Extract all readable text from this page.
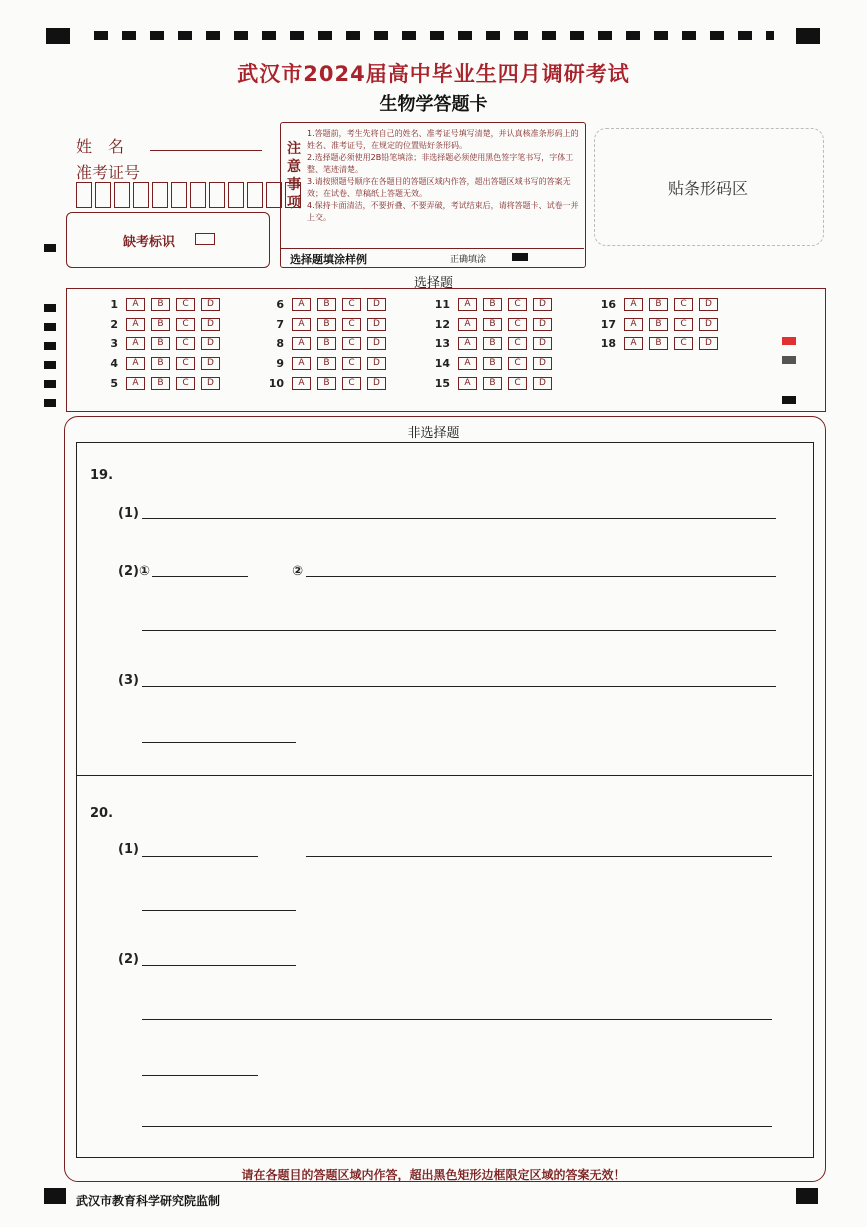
武汉市2024届高中毕业生四月调研考试
生物学答题卡
姓　名
准考证号
缺考标识
注意事项
1.答题前，考生先将自己的姓名、准考证号填写清楚，并认真核准条形码上的姓名、准考证号，在规定的位置贴好条形码。
2.选择题必须使用2B铅笔填涂；非选择题必须使用黑色签字笔书写，字体工整、笔迹清楚。
3.请按照题号顺序在各题目的答题区域内作答，超出答题区域书写的答案无效；在试卷、草稿纸上答题无效。
4.保持卡面清洁，不要折叠、不要弄破，考试结束后，请将答题卡、试卷一并上交。
选择题填涂样例	正确填涂
贴条形码区
选择题
1	A	B	C	D
2	A	B	C	D
3	A	B	C	D
4	A	B	C	D
5	A	B	C	D
6	A	B	C	D
7	A	B	C	D
8	A	B	C	D
9	A	B	C	D
10	A	B	C	D
11	A	B	C	D
12	A	B	C	D
13	A	B	C	D
14	A	B	C	D
15	A	B	C	D
16	A	B	C	D
17	A	B	C	D
18	A	B	C	D
非选择题
19.
(1)
(2)①	②
(3)
20.
(1)
(2)
请在各题目的答题区域内作答，超出黑色矩形边框限定区域的答案无效！
武汉市教育科学研究院监制
